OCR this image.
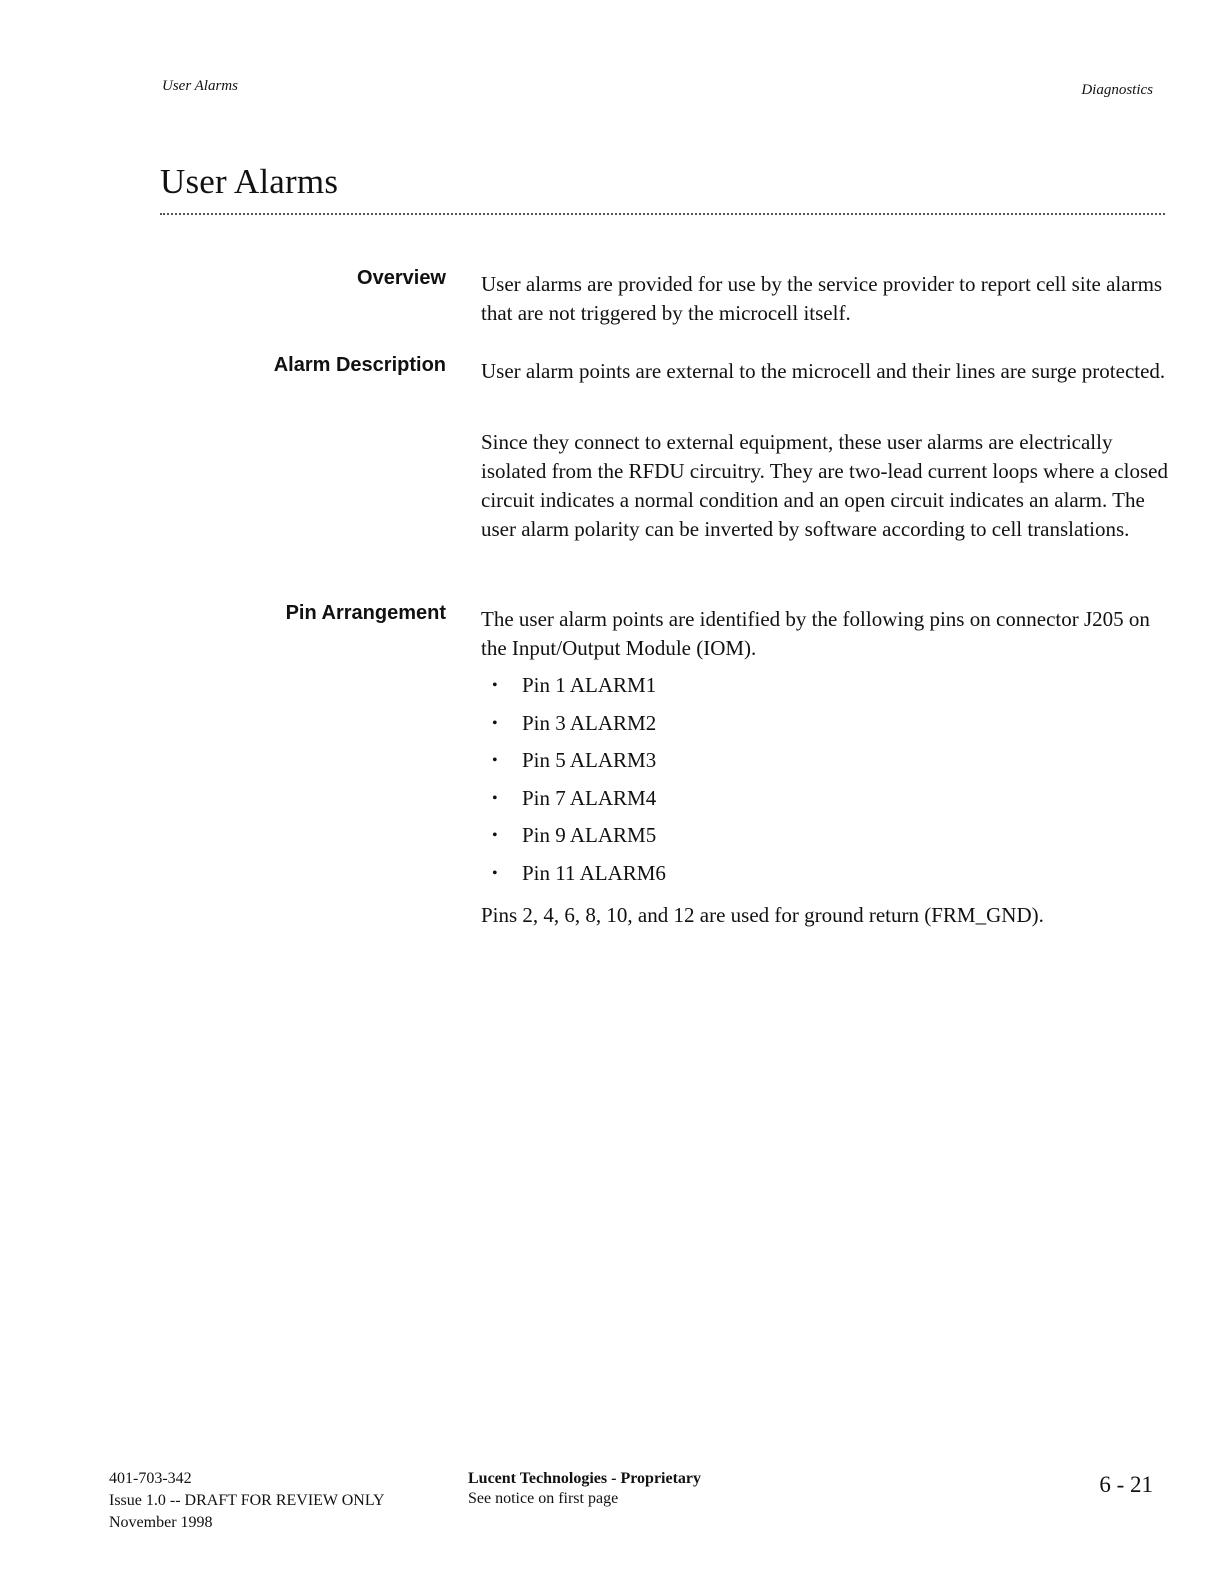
User Alarms	Diagnostics
User Alarms
Overview User alarms are provided for use by the service provider to report cell site alarms that are not triggered by the microcell itself.

Alarm Description User alarm points are external to the microcell and their lines are surge protected.

Since they connect to external equipment, these user alarms are electrically isolated from the RFDU circuitry. They are two-lead current loops where a closed circuit indicates a normal condition and an open circuit indicates an alarm. The user alarm polarity can be inverted by software according to cell translations.

Pin Arrangement The user alarm points are identified by the following pins on connector J205 on the Input/Output Module (IOM).

• Pin 1 ALARM1
• Pin 3 ALARM2
• Pin 5 ALARM3
• Pin 7 ALARM4
• Pin 9 ALARM5
• Pin 11 ALARM6

Pins 2, 4, 6, 8, 10, and 12 are used for ground return (FRM_GND).

401-703-342
Issue 1.0 -- DRAFT FOR REVIEW ONLY
November 1998
Lucent Technologies - Proprietary
See notice on first page
6 - 21
